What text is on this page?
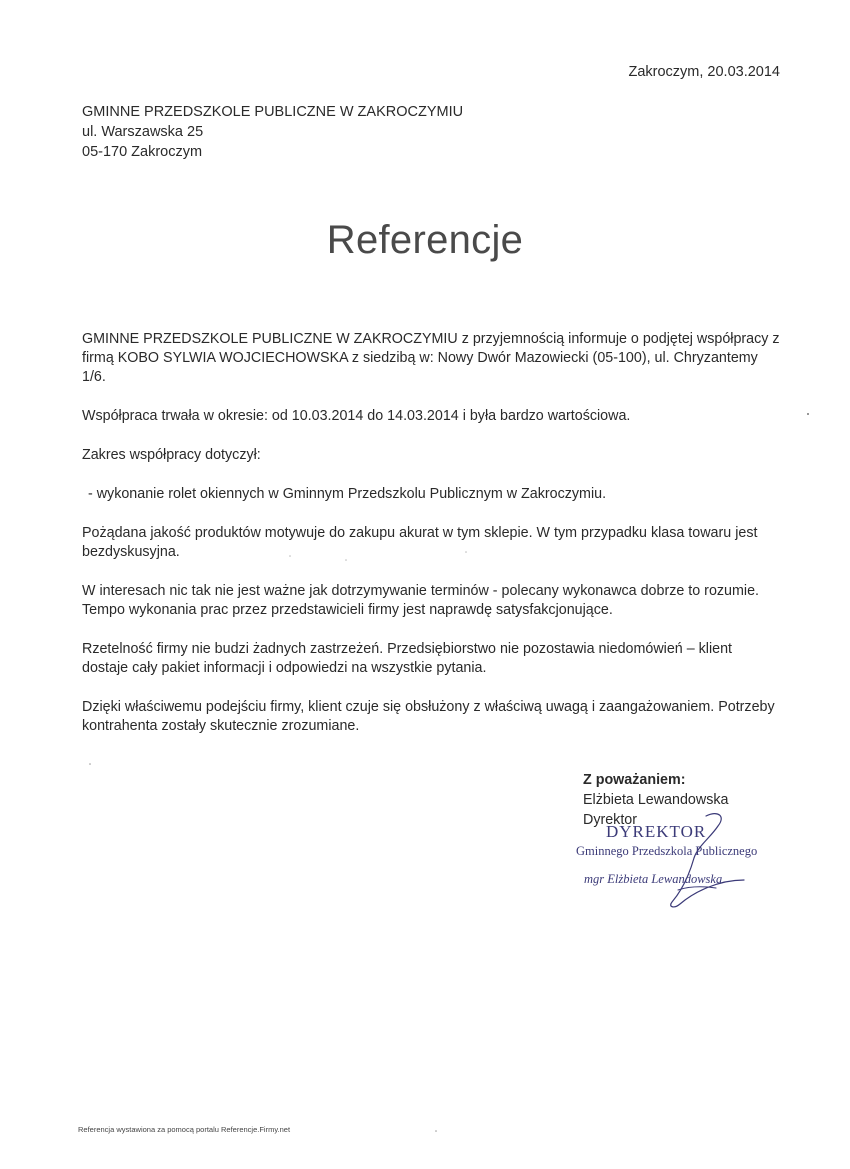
Zakroczym, 20.03.2014
GMINNE PRZEDSZKOLE PUBLICZNE W ZAKROCZYMIU
ul. Warszawska 25
05-170 Zakroczym
Referencje

GMINNE PRZEDSZKOLE PUBLICZNE W ZAKROCZYMIU z przyjemnością informuje o podjętej współpracy z firmą KOBO SYLWIA WOJCIECHOWSKA z siedzibą w: Nowy Dwór Mazowiecki (05-100), ul. Chryzantemy 1/6.

Współpraca trwała w okresie: od 10.03.2014 do 14.03.2014 i była bardzo wartościowa.

Zakres współpracy dotyczył:

- wykonanie rolet okiennych w Gminnym Przedszkolu Publicznym w Zakroczymiu.

Pożądana jakość produktów motywuje do zakupu akurat w tym sklepie. W tym przypadku klasa towaru jest bezdyskusyjna.

W interesach nic tak nie jest ważne jak dotrzymywanie terminów - polecany wykonawca dobrze to rozumie. Tempo wykonania prac przez przedstawicieli firmy jest naprawdę satysfakcjonujące.

Rzetelność firmy nie budzi żadnych zastrzeżeń. Przedsiębiorstwo nie pozostawia niedomówień – klient dostaje cały pakiet informacji i odpowiedzi na wszystkie pytania.

Dzięki właściwemu podejściu firmy, klient czuje się obsłużony z właściwą uwagą i zaangażowaniem. Potrzeby kontrahenta zostały skutecznie zrozumiane.

Z poważaniem:
Elżbieta Lewandowska
Dyrektor
DYREKTOR
Gminnego Przedszkola Publicznego
mgr Elżbieta Lewandowska
Referencja wystawiona za pomocą portalu Referencje.Firmy.net
